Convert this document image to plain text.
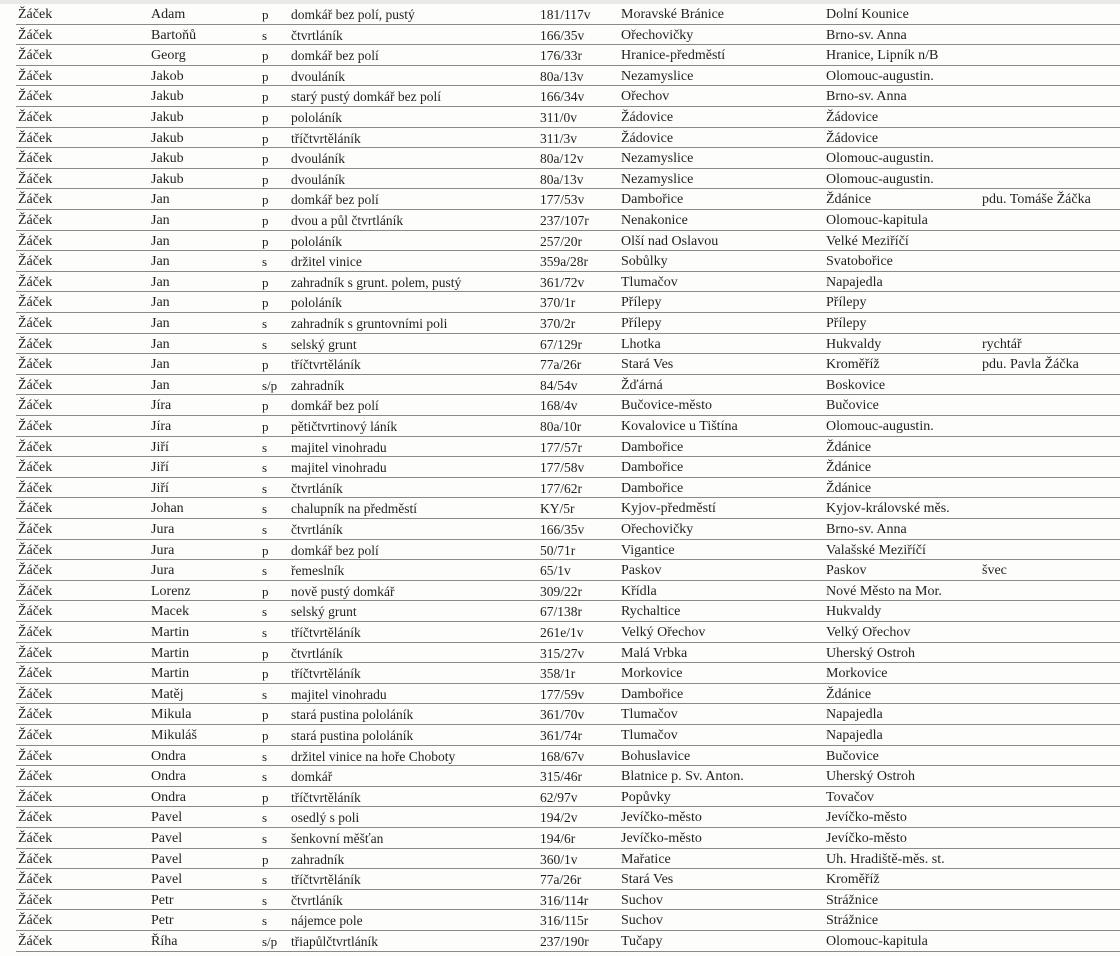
Žáček	Adam	p domkář bez polí, pustý	181/117v Moravské Bránice	Dolní Kounice
Žáček	Bartoňů	s čtvrtláník	166/35v	Ořechovičky	Brno-sv. Anna
Žáček	Georg	p domkář bez polí	176/33r	Hranice-předměstí	Hranice, Lipník n/B
Žáček	Jakob	p dvouláník	80a/13v	Nezamyslice	Olomouc-augustin.
Žáček	Jakub	p starý pustý domkář bez polí	166/34v	Ořechov	Brno-sv. Anna
Žáček	Jakub	p pololáník	311/0v	Žádovice	Žádovice
Žáček	Jakub	p tříčtvrtěláník	311/3v	Žádovice	Žádovice
Žáček	Jakub	p dvouláník	80a/12v	Nezamyslice	Olomouc-augustin.
Žáček	Jakub	p dvouláník	80a/13v	Nezamyslice	Olomouc-augustin.
Žáček	Jan	p domkář bez polí	177/53v	Dambořice	Ždánice	pdu. Tomáše Žáčka
Žáček	Jan	p dvou a půl čtvrtláník	237/107r Nenakonice	Olomouc-kapitula
Žáček	Jan	p pololáník	257/20r	Olší nad Oslavou	Velké Meziříčí
Žáček	Jan	s držitel vinice	359a/28r Sobůlky	Svatobořice
Žáček	Jan	p zahradník s grunt. polem, pustý	361/72v	Tlumačov	Napajedla
Žáček	Jan	p pololáník	370/1r	Přílepy	Přílepy
Žáček	Jan	s zahradník s gruntovními poli	370/2r	Přílepy	Přílepy
Žáček	Jan	s selský grunt	67/129r	Lhotka	Hukvaldy	rychtář
Žáček	Jan	p tříčtvrtěláník	77a/26r	Stará Ves	Kroměříž	pdu. Pavla Žáčka
Žáček	Jan	s/p zahradník	84/54v	Žďárná	Boskovice
Žáček	Jíra	p domkář bez polí	168/4v	Bučovice-město	Bučovice
Žáček	Jíra	p pětičtvrtinový láník	80a/10r	Kovalovice u Tištína	Olomouc-augustin.
Žáček	Jiří	s majitel vinohradu	177/57r	Dambořice	Ždánice
Žáček	Jiří	s majitel vinohradu	177/58v	Dambořice	Ždánice
Žáček	Jiří	s čtvrtláník	177/62r	Dambořice	Ždánice
Žáček	Johan	s chalupník na předměstí	KY/5r	Kyjov-předměstí	Kyjov-královské měs.
Žáček	Jura	s čtvrtláník	166/35v	Ořechovičky	Brno-sv. Anna
Žáček	Jura	p domkář bez polí	50/71r	Vigantice	Valašské Meziříčí
Žáček	Jura	s řemeslník	65/1v	Paskov	Paskov	švec
Žáček	Lorenz	p nově pustý domkář	309/22r	Křídla	Nové Město na Mor.
Žáček	Macek	s selský grunt	67/138r	Rychaltice	Hukvaldy
Žáček	Martin	s tříčtvrtěláník	261e/1v	Velký Ořechov	Velký Ořechov
Žáček	Martin	p čtvrtláník	315/27v	Malá Vrbka	Uherský Ostroh
Žáček	Martin	p tříčtvrtěláník	358/1r	Morkovice	Morkovice
Žáček	Matěj	s majitel vinohradu	177/59v	Dambořice	Ždánice
Žáček	Mikula	p stará pustina pololáník	361/70v	Tlumačov	Napajedla
Žáček	Mikuláš	p stará pustina pololáník	361/74r	Tlumačov	Napajedla
Žáček	Ondra	s držitel vinice na hoře Choboty	168/67v	Bohuslavice	Bučovice
Žáček	Ondra	s domkář	315/46r	Blatnice p. Sv. Anton.	Uherský Ostroh
Žáček	Ondra	p tříčtvrtěláník	62/97v	Popůvky	Tovačov
Žáček	Pavel	s osedlý s poli	194/2v	Jevíčko-město	Jevíčko-město
Žáček	Pavel	s šenkovní měšťan	194/6r	Jevíčko-město	Jevíčko-město
Žáček	Pavel	p zahradník	360/1v	Mařatice	Uh. Hradiště-měs. st.
Žáček	Pavel	s tříčtvrtěláník	77a/26r	Stará Ves	Kroměříž
Žáček	Petr	s čtvrtláník	316/114r Suchov	Strážnice
Žáček	Petr	s nájemce pole	316/115r Suchov	Strážnice
Žáček	Říha	s/p třiapůlčtvrtláník	237/190r Tučapy	Olomouc-kapitula
